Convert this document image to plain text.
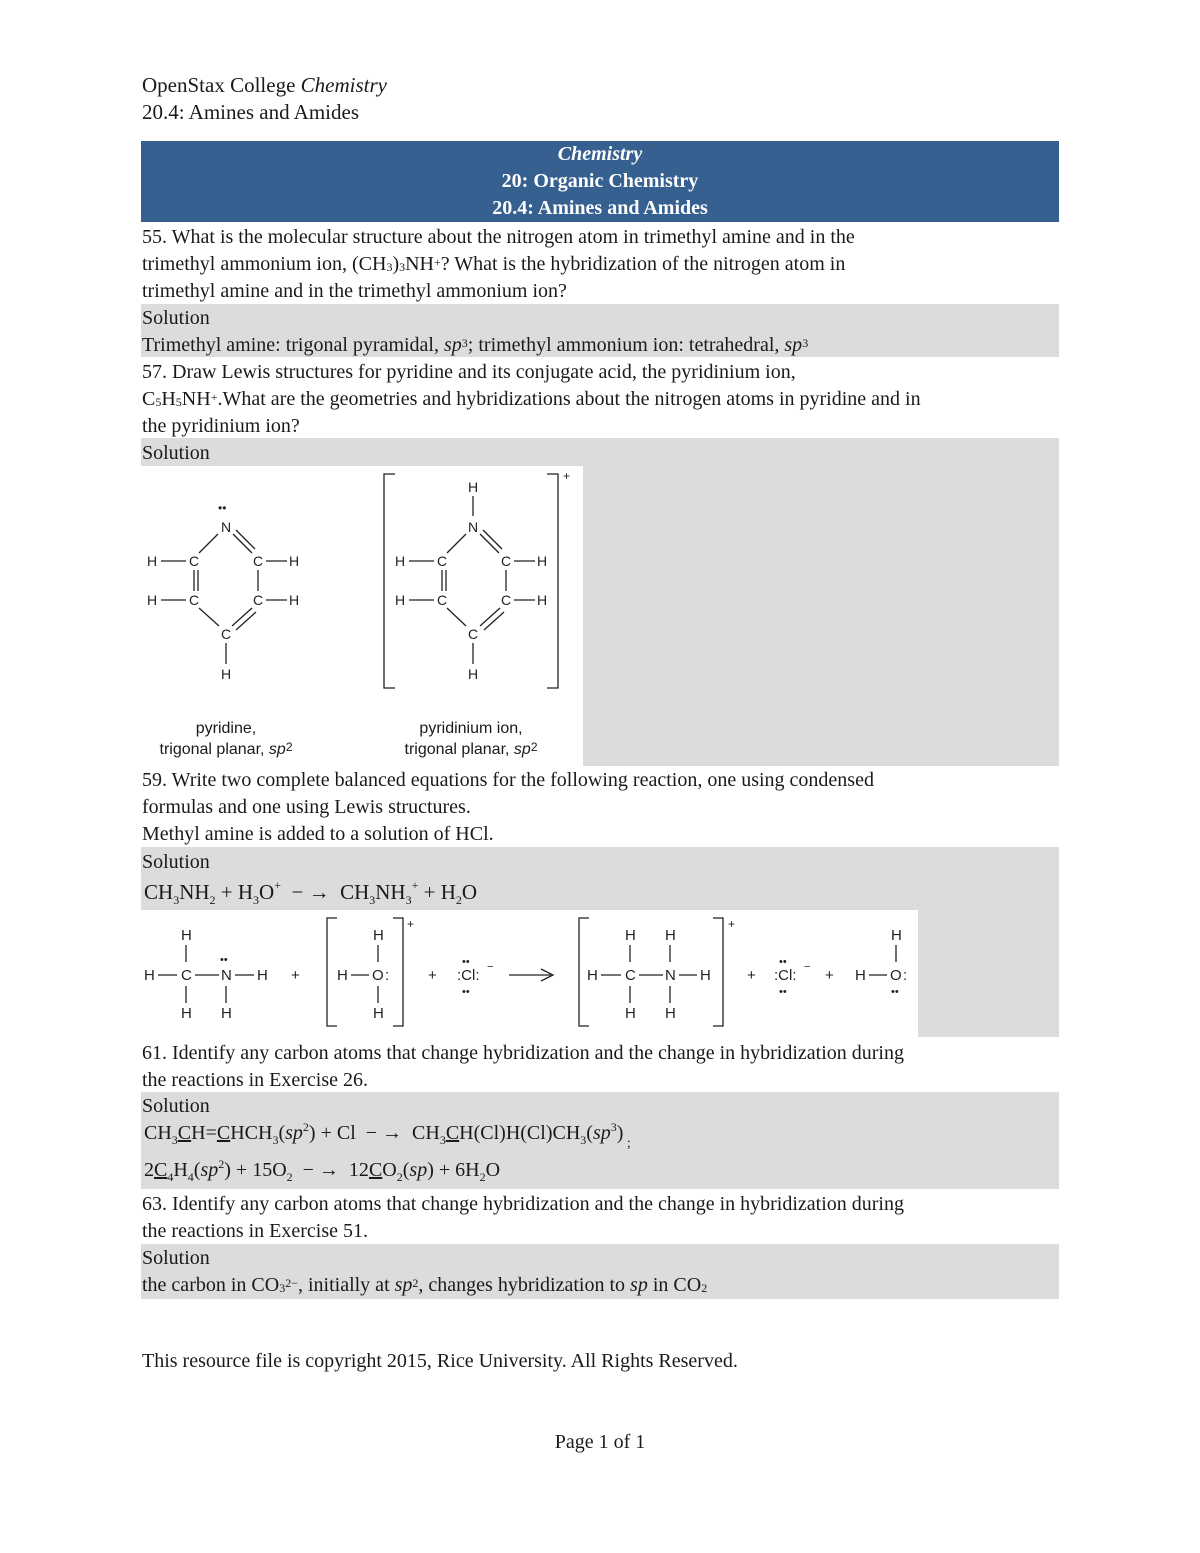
OpenStax College Chemistry
20.4: Amines and Amides
Chemistry
20: Organic Chemistry
20.4: Amines and Amides
55. What is the molecular structure about the nitrogen atom in trimethyl amine and in the
trimethyl ammonium ion, $(CH_3)_3NH^+$? What is the hybridization of the nitrogen atom in
trimethyl amine and in the trimethyl ammonium ion?
Solution
Trimethyl amine: trigonal pyramidal, $sp^3$; trimethyl ammonium ion: tetrahedral, $sp^3$
57. Draw Lewis structures for pyridine and its conjugate acid, the pyridinium ion,
$C_5H_5NH^+.What$ are the geometries and hybridizations about the nitrogen atoms in pyridine and in
the pyridinium ion?
Solution
N
••
C	C
C	C
C
H
H
H
H
H
+
H
N
C	C
C	C
C
H
H
H
H
H
pyridine,
trigonal planar, $sp^2$
pyridinium ion,
trigonal planar, $sp^2$
59. Write two complete balanced equations for the following reaction, one using condensed
formulas and one using Lewis structures.
Methyl amine is added to a solution of HCl.
Solution
$CH_3NH_2 + H_3O^+$  − →  $CH_3NH_3^+ + H_2O$
H
H C N
••
H
H H
+
+
H
H O :
H
+ :Cl:
••
••
−
+
H H
H C N H
H H
+ :Cl:
••
••
− + H O :
••
H
61. Identify any carbon atoms that change hybridization and the change in hybridization during
the reactions in Exercise 26.
Solution
$CH_3CH=CHCH_3(sp^2) + Cl$  − →  $CH_3CH(Cl)H(Cl)CH_3(sp^3)$ $_;$
$2C_4H_4(sp^2) + 15O_2$  − →  $12CO_2(sp) + 6H_2O$
63. Identify any carbon atoms that change hybridization and the change in hybridization during
the reactions in Exercise 51.
Solution
the carbon in $CO_3^{2-}$, initially at $sp^2$, changes hybridization to sp in $CO_2$
This resource file is copyright 2015, Rice University. All Rights Reserved.
Page 1 of 1
